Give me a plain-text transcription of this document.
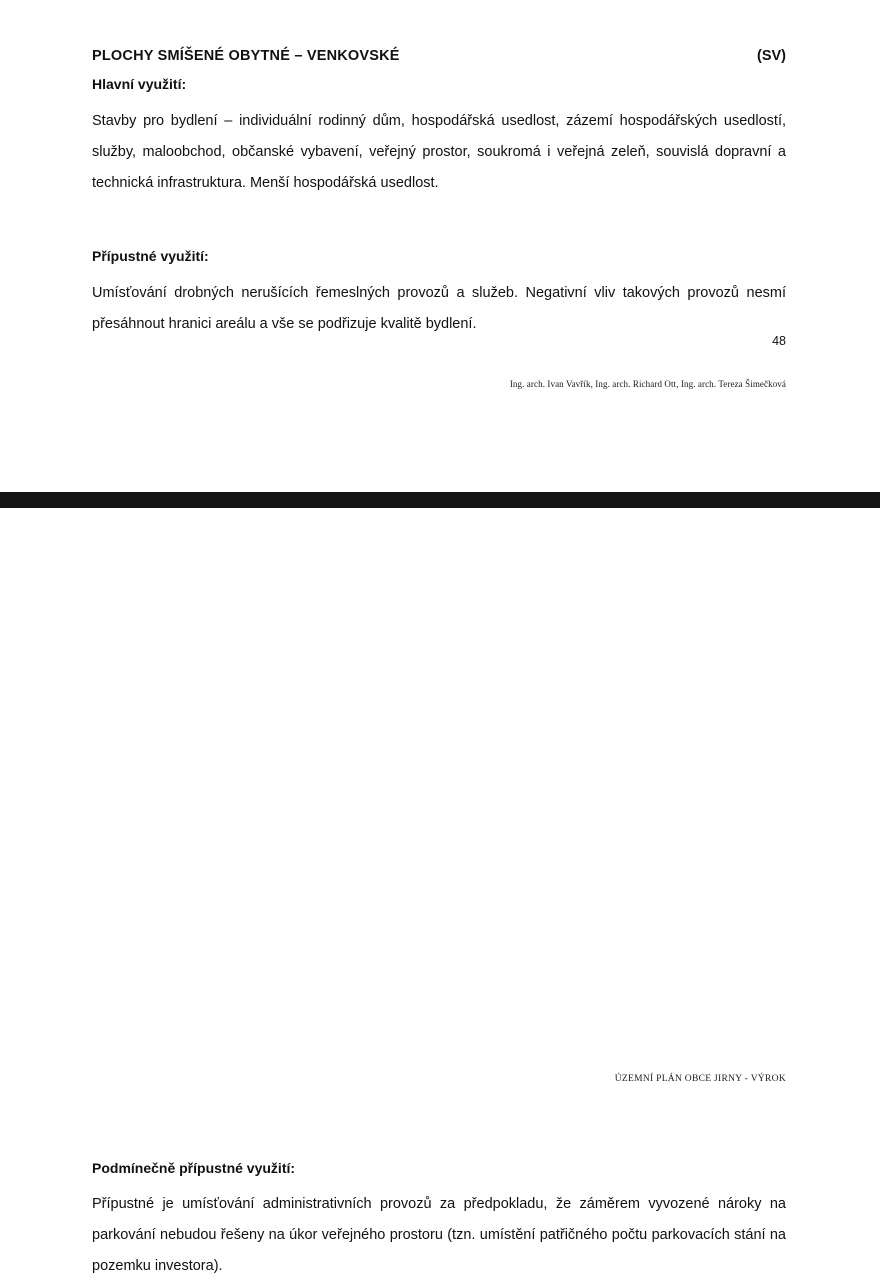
PLOCHY SMÍŠENÉ OBYTNÉ – VENKOVSKÉ	(SV)
Hlavní využití:
Stavby pro bydlení – individuální rodinný dům, hospodářská usedlost, zázemí hospodářských usedlostí, služby, maloobchod, občanské vybavení, veřejný prostor, soukromá i veřejná zeleň, souvislá dopravní a technická infrastruktura. Menší hospodářská usedlost.
Přípustné využití:
Umísťování drobných nerušících řemeslných provozů a služeb. Negativní vliv takových provozů nesmí přesáhnout hranici areálu a vše se podřizuje kvalitě bydlení.
48
Ing. arch. Ivan Vavřík, Ing. arch. Richard Ott, Ing. arch. Tereza Šimečková
ÚZEMNÍ PLÁN OBCE JIRNY - VÝROK
Podmínečně přípustné využití:
Přípustné je umísťování administrativních provozů za předpokladu, že záměrem vyvozené nároky na parkování nebudou řešeny na úkor veřejného prostoru (tzn. umístění patřičného počtu parkovacích stání na pozemku investora).
